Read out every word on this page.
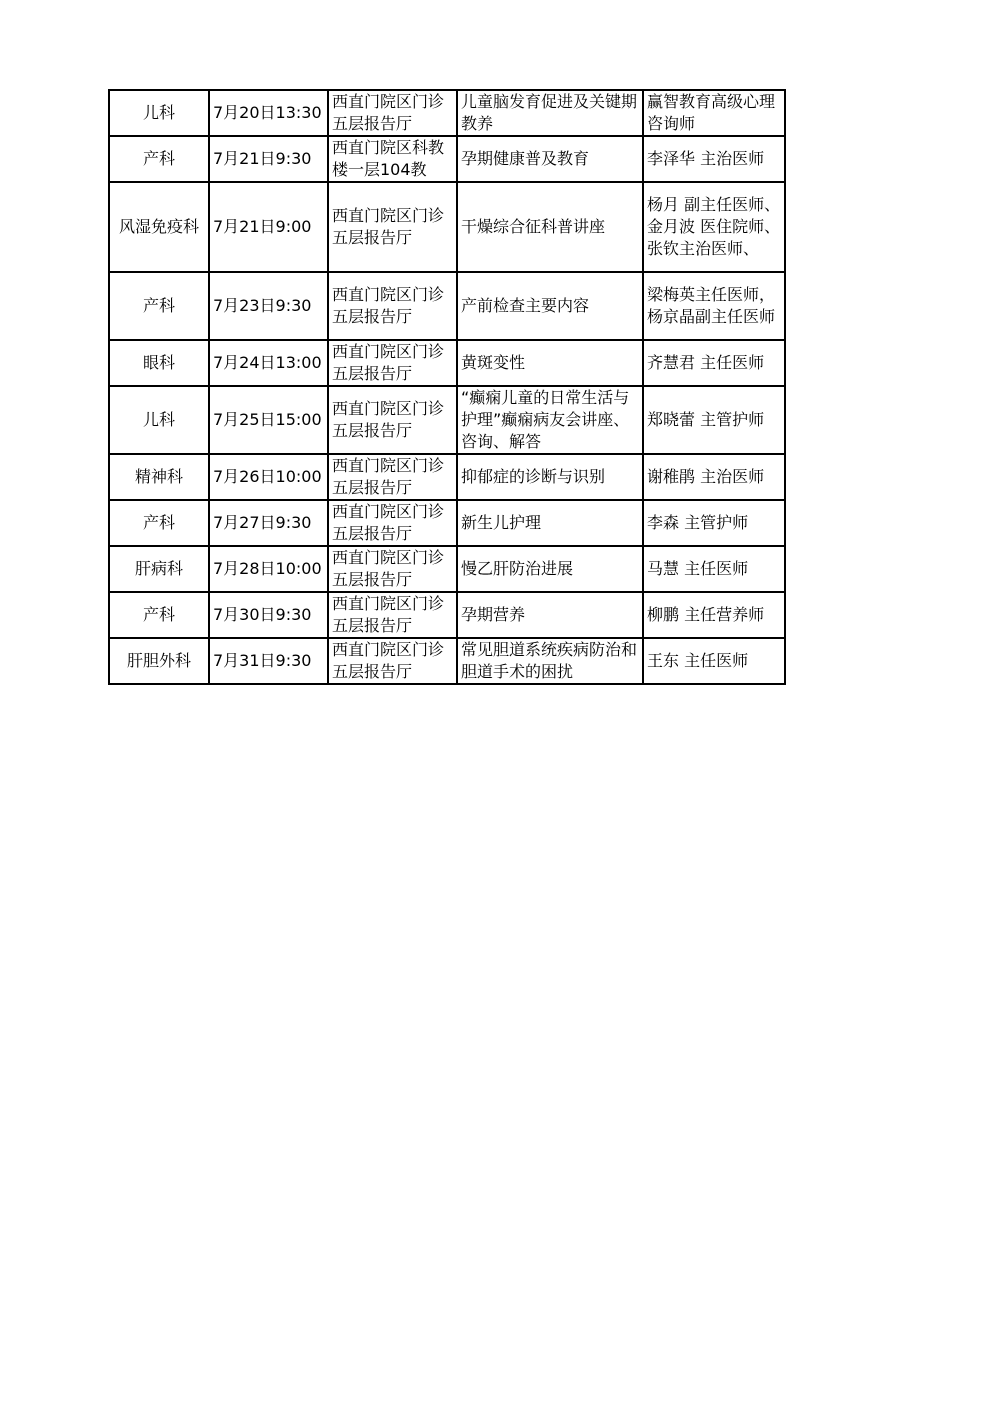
儿科	7月20日13:30	西直门院区门诊五层报告厅	儿童脑发育促进及关键期教养	赢智教育高级心理咨询师

产科	7月21日9:30	西直门院区科教楼一层104教	孕期健康普及教育	李泽华 主治医师

风湿免疫科	7月21日9:00	西直门院区门诊五层报告厅	干燥综合征科普讲座	杨月 副主任医师、金月波 医住院师、张钦主治医师、

产科	7月23日9:30	西直门院区门诊五层报告厅	产前检查主要内容	梁梅英主任医师，杨京晶副主任医师

眼科	7月24日13:00	西直门院区门诊五层报告厅	黄斑变性	齐慧君 主任医师

儿科	7月25日15:00	西直门院区门诊五层报告厅	“癫痫儿童的日常生活与护理”癫痫病友会讲座、咨询、解答	郑晓蕾 主管护师

精神科	7月26日10:00	西直门院区门诊五层报告厅	抑郁症的诊断与识别	谢稚鹃 主治医师

产科	7月27日9:30	西直门院区门诊五层报告厅	新生儿护理	李森 主管护师

肝病科	7月28日10:00	西直门院区门诊五层报告厅	慢乙肝防治进展	马慧 主任医师

产科	7月30日9:30	西直门院区门诊五层报告厅	孕期营养	柳鹏 主任营养师

肝胆外科	7月31日9:30	西直门院区门诊五层报告厅	常见胆道系统疾病防治和胆道手术的困扰	王东 主任医师
